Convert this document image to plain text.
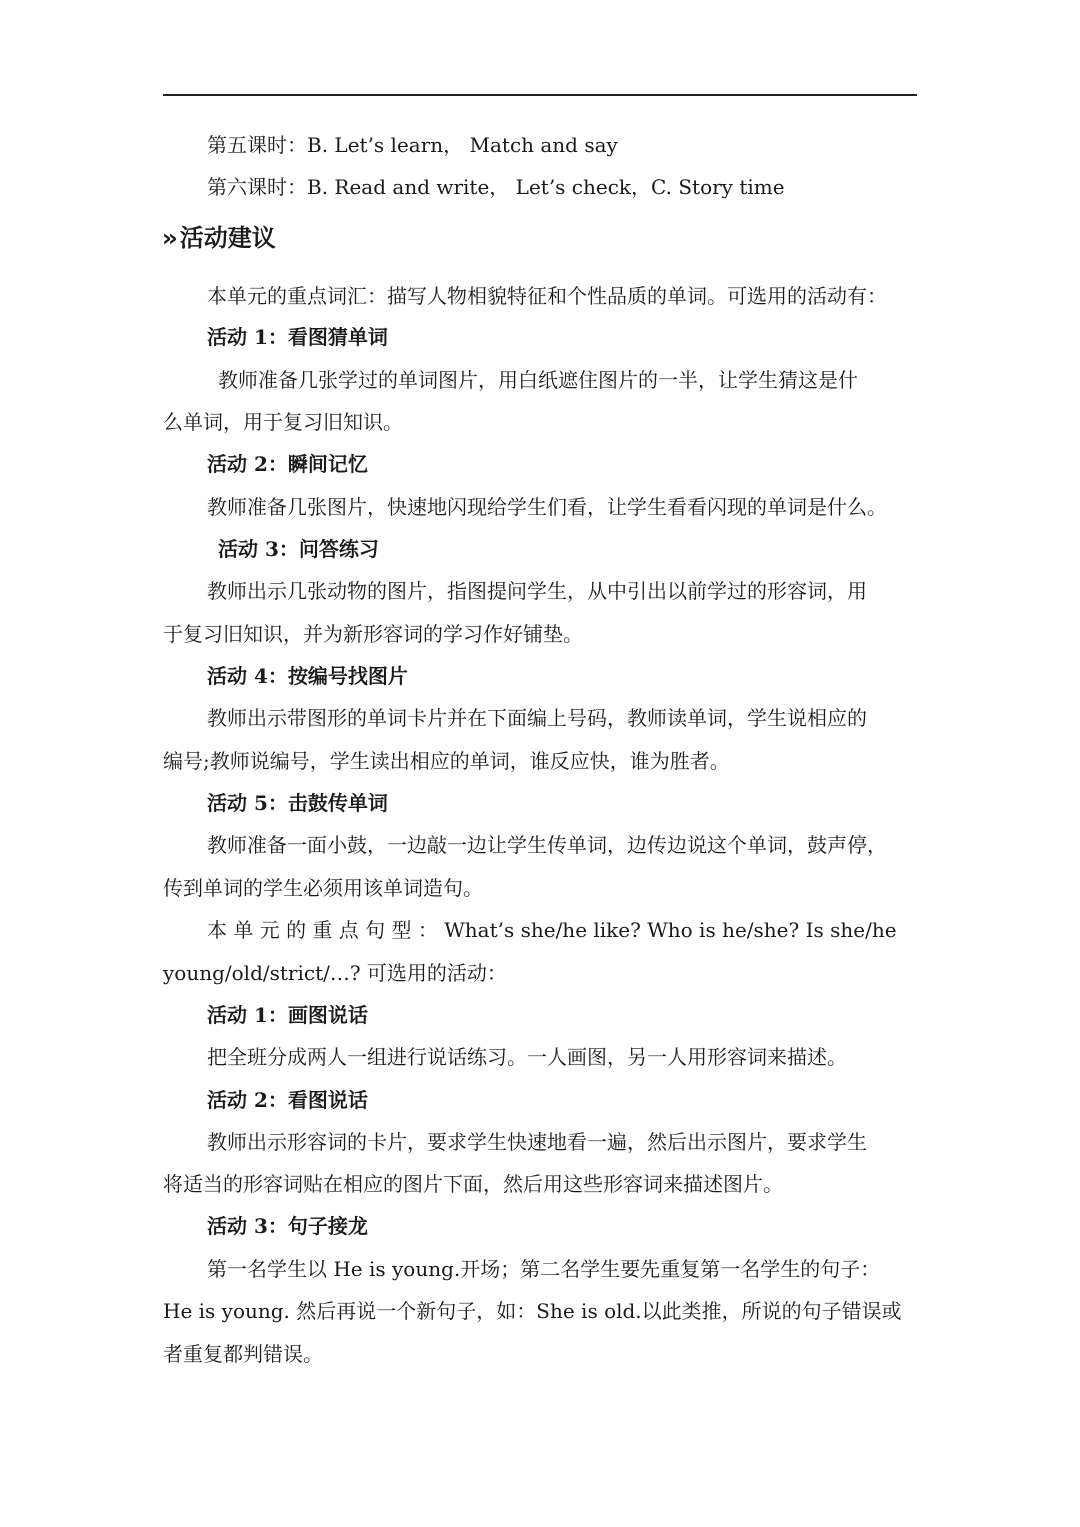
第五课时：B. Let’s learn， Match and say
第六课时：B. Read and write， Let’s check，C. Story time
›› 活动建议
本单元的重点词汇：描写人物相貌特征和个性品质的单词。可选用的活动有：
活动 1：看图猜单词
教师准备几张学过的单词图片，用白纸遮住图片的一半，让学生猜这是什
么单词，用于复习旧知识。
活动 2：瞬间记忆
教师准备几张图片，快速地闪现给学生们看，让学生看看闪现的单词是什么。
活动 3：问答练习
教师出示几张动物的图片，指图提问学生，从中引出以前学过的形容词，用
于复习旧知识，并为新形容词的学习作好铺垫。
活动 4：按编号找图片
教师出示带图形的单词卡片并在下面编上号码，教师读单词，学生说相应的
编号;教师说编号，学生读出相应的单词，谁反应快，谁为胜者。
活动 5：击鼓传单词
教师准备一面小鼓，一边敲一边让学生传单词，边传边说这个单词，鼓声停，
传到单词的学生必须用该单词造句。
本 单 元 的 重 点 句 型 ： What’s she/he like? Who is he/she? Is she/he
young/old/strict/…? 可选用的活动：
活动 1：画图说话
把全班分成两人一组进行说话练习。一人画图，另一人用形容词来描述。
活动 2：看图说话
教师出示形容词的卡片，要求学生快速地看一遍，然后出示图片，要求学生
将适当的形容词贴在相应的图片下面，然后用这些形容词来描述图片。
活动 3：句子接龙
第一名学生以 He is young.开场；第二名学生要先重复第一名学生的句子：
He is young. 然后再说一个新句子，如：She is old.以此类推，所说的句子错误或
者重复都判错误。
